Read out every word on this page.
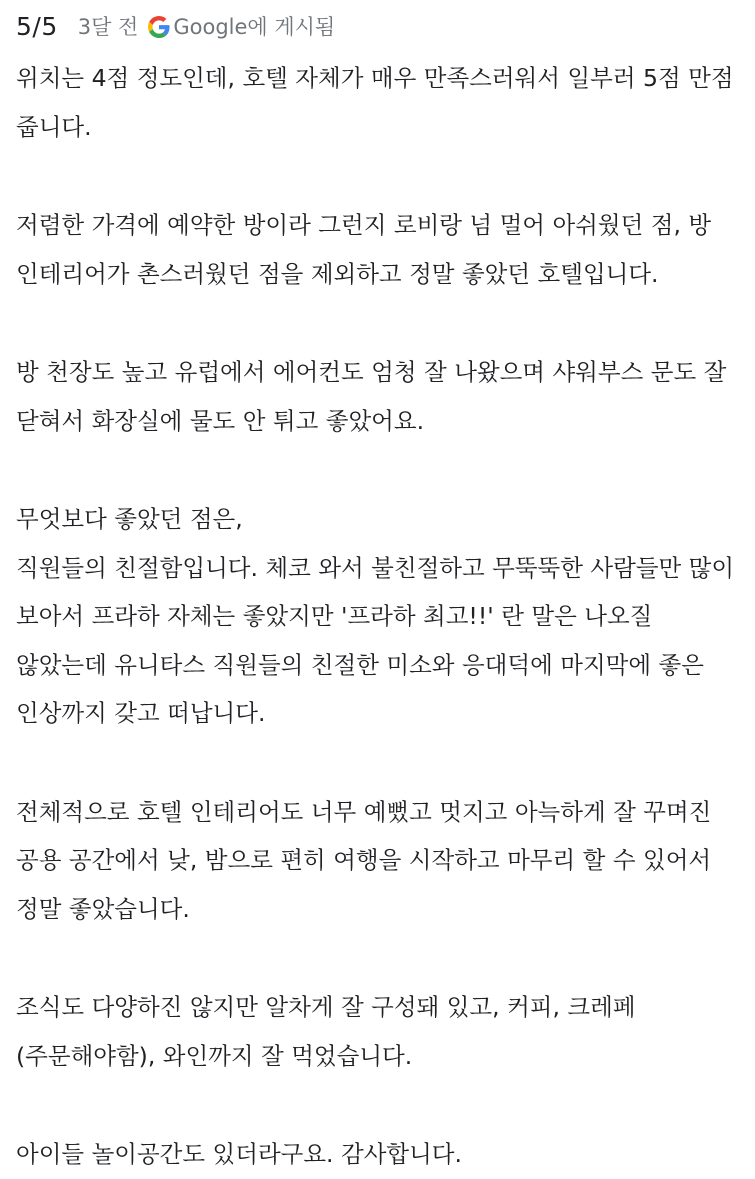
5/5 3달 전 Google에 게시됨

위치는 4점 정도인데, 호텔 자체가 매우 만족스러워서 일부러 5점 만점 줍니다.

저렴한 가격에 예약한 방이라 그런지 로비랑 넘 멀어 아쉬웠던 점, 방 인테리어가 촌스러웠던 점을 제외하고 정말 좋았던 호텔입니다.

방 천장도 높고 유럽에서 에어컨도 엄청 잘 나왔으며 샤워부스 문도 잘 닫혀서 화장실에 물도 안 튀고 좋았어요.

무엇보다 좋았던 점은,
직원들의 친절함입니다. 체코 와서 불친절하고 무뚝뚝한 사람들만 많이 보아서 프라하 자체는 좋았지만 '프라하 최고!!' 란 말은 나오질 않았는데 유니타스 직원들의 친절한 미소와 응대덕에 마지막에 좋은 인상까지 갖고 떠납니다.

전체적으로 호텔 인테리어도 너무 예뻤고 멋지고 아늑하게 잘 꾸며진 공용 공간에서 낮, 밤으로 편히 여행을 시작하고 마무리 할 수 있어서 정말 좋았습니다.

조식도 다양하진 않지만 알차게 잘 구성돼 있고, 커피, 크레페 (주문해야함), 와인까지 잘 먹었습니다.

아이들 놀이공간도 있더라구요. 감사합니다.
